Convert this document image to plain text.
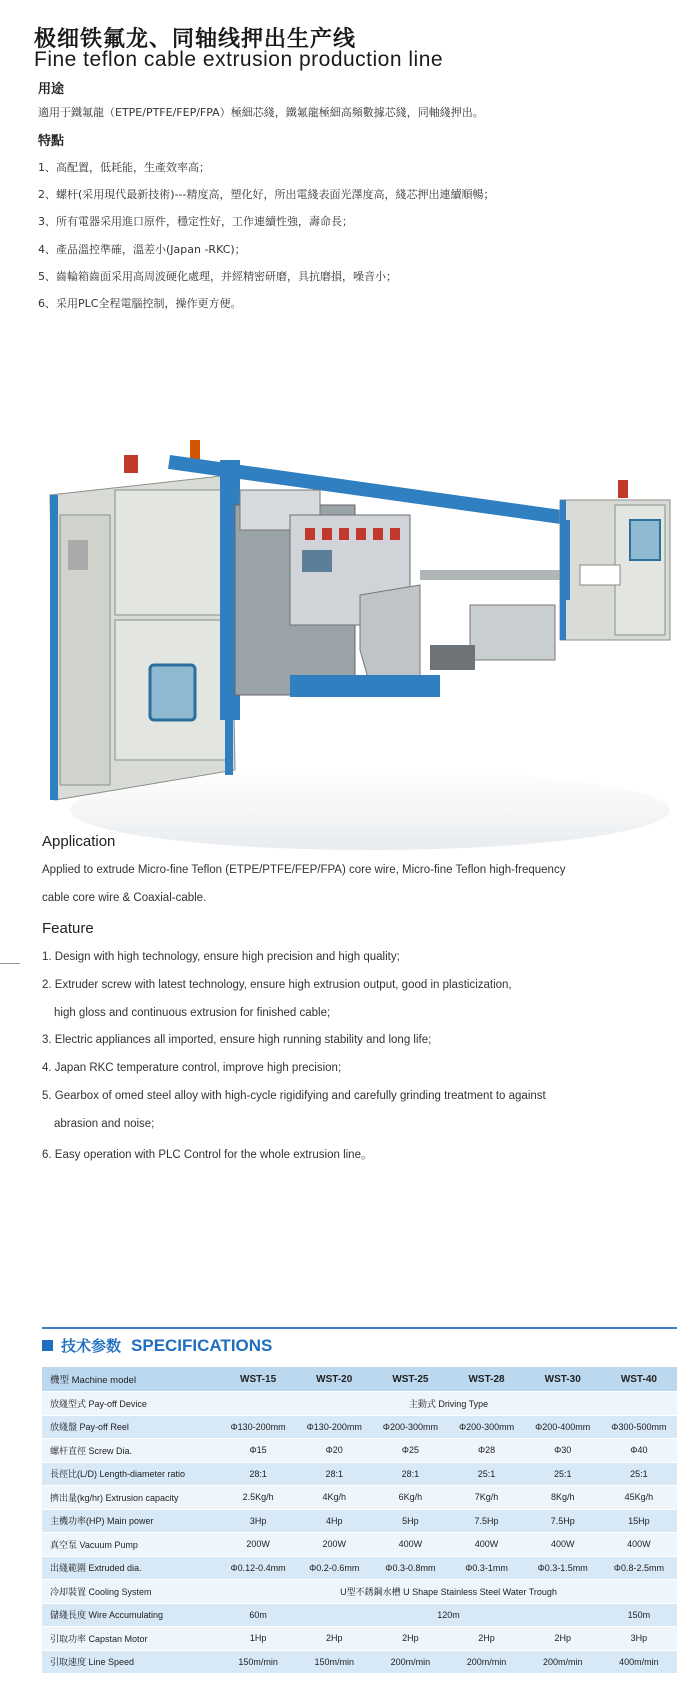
极细铁氟龙、同轴线押出生产线
Fine teflon cable extrusion production line
用途
適用于鐵氟龍（ETPE/PTFE/FEP/FPA）極細芯綫，鐵氟龍極細高頻數據芯綫，同軸綫押出。
特點
1、高配置，低耗能，生產效率高；
2、螺杆(采用現代最新技術)---精度高，塑化好，所出電綫表面光澤度高，綫芯押出連續順暢；
3、所有電器采用進口原件，穩定性好，工作連續性強，壽命長；
4、產品溫控準確，溫差小(Japan -RKC)；
5、齒輪箱齒面采用高周波硬化處理，并經精密研磨，具抗磨損，噪音小；
6、采用PLC全程電腦控制，操作更方便。
Application
Applied to extrude Micro-fine Teflon (ETPE/PTFE/FEP/FPA) core wire, Micro-fine Teflon high-frequency
cable core wire & Coaxial-cable.
Feature
1. Design with high technology, ensure high precision and high quality;
2. Extruder screw with latest technology, ensure high extrusion output, good in plasticization,
high gloss and continuous extrusion for finished cable;
3. Electric appliances all imported, ensure high running stability and long life;
4. Japan RKC temperature control, improve high precision;
5. Gearbox of omed steel alloy with high-cycle rigidifying and carefully grinding treatment to against
abrasion and noise;
6. Easy operation with PLC Control for the whole extrusion line。
技术参数 SPECIFICATIONS
機型 Machine model	WST-15	WST-20	WST-25	WST-28	WST-30	WST-40
放綫型式 Pay-off Device	主動式 Driving Type					
放綫盤 Pay-off Reel	Φ130-200mm	Φ130-200mm	Φ200-300mm	Φ200-300mm	Φ200-400mm	Φ300-500mm
螺杆直徑 Screw Dia.	Φ15	Φ20	Φ25	Φ28	Φ30	Φ40
長徑比(L/D) Length-diameter ratio	28:1	28:1	28:1	25:1	25:1	25:1
擠出量(kg/hr) Extrusion capacity	2.5Kg/h	4Kg/h	6Kg/h	7Kg/h	8Kg/h	45Kg/h
主機功率(HP) Main power	3Hp	4Hp	5Hp	7.5Hp	7.5Hp	15Hp
真空泵 Vacuum Pump	200W	200W	400W	400W	400W	400W
出綫範圍 Extruded dia.	Φ0.12-0.4mm	Φ0.2-0.6mm	Φ0.3-0.8mm	Φ0.3-1mm	Φ0.3-1.5mm	Φ0.8-2.5mm
冷却裝置 Cooling System	U型不銹鋼水槽 U Shape Stainless Steel Water Trough					
儲綫長度 Wire Accumulating	60m	120m				150m
引取功率 Capstan Motor	1Hp	2Hp	2Hp	2Hp	2Hp	3Hp
引取速度 Line Speed	150m/min	150m/min	200m/min	200m/min	200m/min	400m/min
